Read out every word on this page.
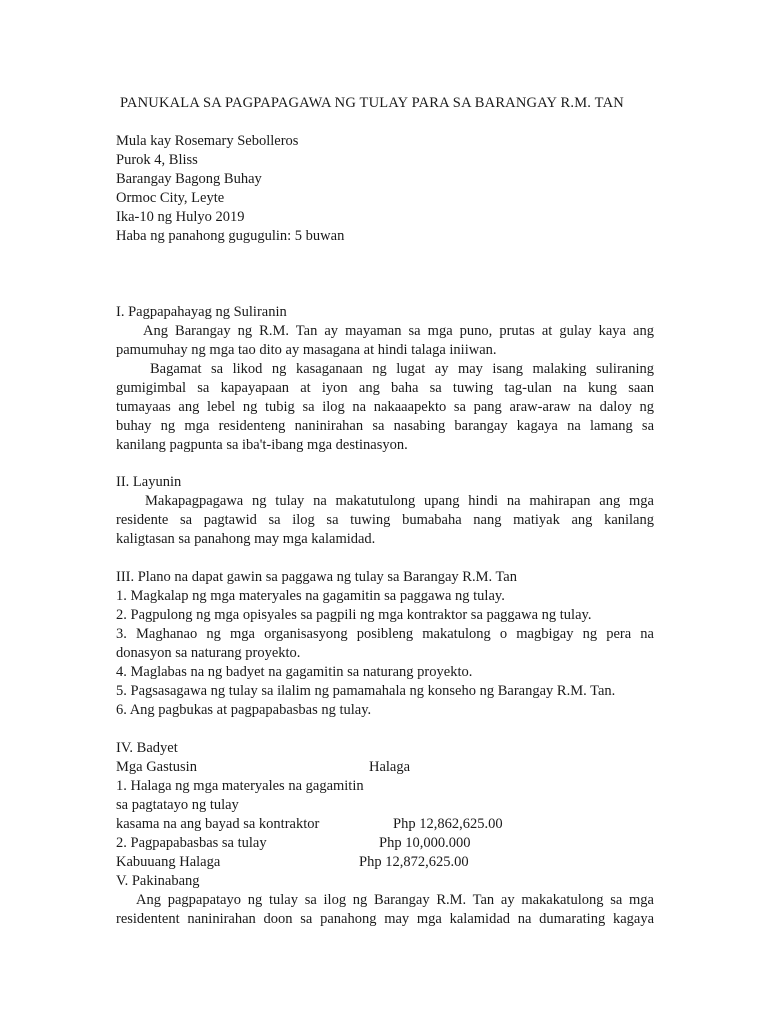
PANUKALA SA PAGPAPAGAWA NG TULAY PARA SA BARANGAY R.M. TAN
Mula kay Rosemary Sebolleros
Purok 4, Bliss
Barangay Bagong Buhay
Ormoc City, Leyte
Ika-10 ng Hulyo 2019
Haba ng panahong gugugulin: 5 buwan
I. Pagpapahayag ng Suliranin
Ang Barangay ng R.M. Tan ay mayaman sa mga puno, prutas at gulay kaya ang
pamumuhay ng mga tao dito ay masagana at hindi talaga iniiwan.
Bagamat sa likod ng kasaganaan ng lugat ay may isang malaking suliraning
gumigimbal sa kapayapaan at iyon ang baha sa tuwing tag-ulan na kung saan
tumayaas ang lebel ng tubig sa ilog na nakaaapekto sa pang araw-araw na daloy ng
buhay ng mga residenteng naninirahan sa nasabing barangay kagaya na lamang sa
kanilang pagpunta sa iba't-ibang mga destinasyon.
II. Layunin
Makapagpagawa ng tulay na makatutulong upang hindi na mahirapan ang mga
residente sa pagtawid sa ilog sa tuwing bumabaha nang matiyak ang kanilang
kaligtasan sa panahong may mga kalamidad.
III. Plano na dapat gawin sa paggawa ng tulay sa Barangay R.M. Tan
1. Magkalap ng mga materyales na gagamitin sa paggawa ng tulay.
2. Pagpulong ng mga opisyales sa pagpili ng mga kontraktor sa paggawa ng tulay.
3. Maghanao ng mga organisasyong posibleng makatulong o magbigay ng pera na
donasyon sa naturang proyekto.
4. Maglabas na ng badyet na gagamitin sa naturang proyekto.
5. Pagsasagawa ng tulay sa ilalim ng pamamahala ng konseho ng Barangay R.M. Tan.
6. Ang pagbukas at pagpapabasbas ng tulay.
IV. Badyet
Mga Gastusin	Halaga
1. Halaga ng mga materyales na gagamitin
sa pagtatayo ng tulay
kasama na ang bayad sa kontraktor	Php 12,862,625.00
2. Pagpapabasbas sa tulay	Php 10,000.000
Kabuuang Halaga	Php 12,872,625.00
V. Pakinabang
Ang pagpapatayo ng tulay sa ilog ng Barangay R.M. Tan ay makakatulong sa mga
residentent naninirahan doon sa panahong may mga kalamidad na dumarating kagaya
